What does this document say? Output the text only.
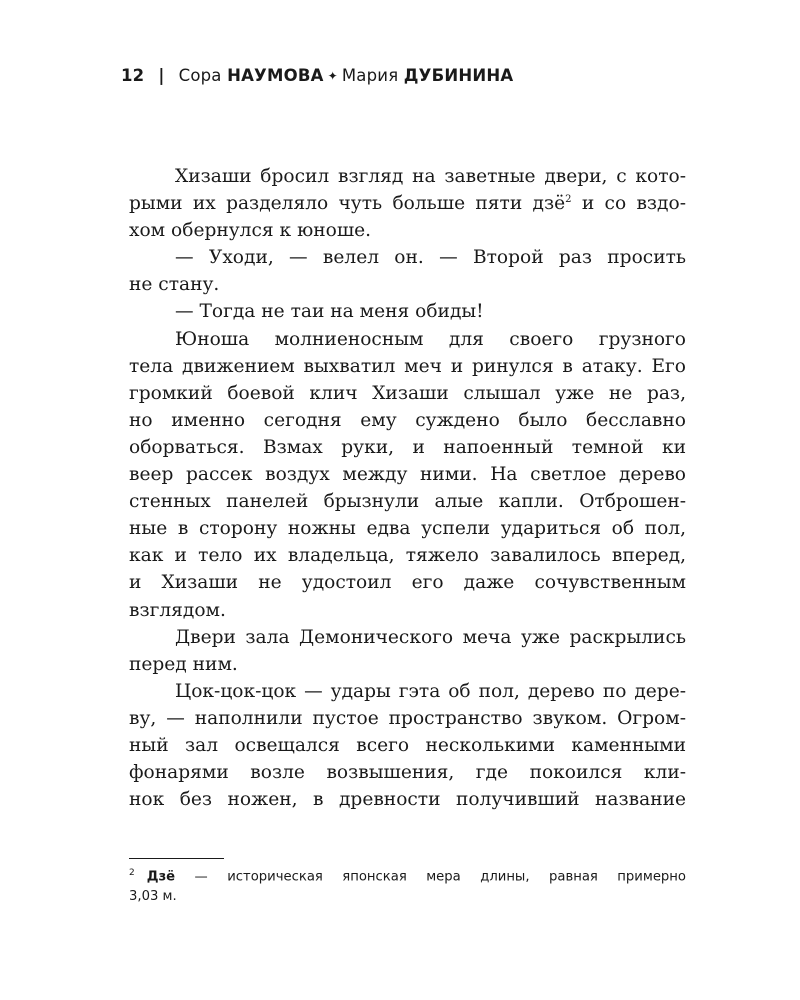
12 | Сора НАУМОВА ✦ Мария ДУБИНИНА

Хизаши бросил взгляд на заветные двери, с кото-
рыми их разделяло чуть больше пяти дзё$^2$ и со вздо-
хом обернулся к юноше.

— Уходи, — велел он. — Второй раз просить
не стану.

— Тогда не таи на меня обиды!

Юноша молниеносным для своего грузного
тела движением выхватил меч и ринулся в атаку. Его
громкий боевой клич Хизаши слышал уже не раз,
но именно сегодня ему суждено было бесславно
оборваться. Взмах руки, и напоенный темной ки
веер рассек воздух между ними. На светлое дерево
стенных панелей брызнули алые капли. Отброшен-
ные в сторону ножны едва успели удариться об пол,
как и тело их владельца, тяжело завалилось вперед,
и Хизаши не удостоил его даже сочувственным
взглядом.

Двери зала Демонического меча уже раскрылись
перед ним.

Цок-цок-цок — удары гэта об пол, дерево по дере-
ву, — наполнили пустое пространство звуком. Огром-
ный зал освещался всего несколькими каменными
фонарями возле возвышения, где покоился кли-
нок без ножен, в древности получивший название

$^2$ Дзё — историческая японская мера длины, равная примерно
3,03 м.
